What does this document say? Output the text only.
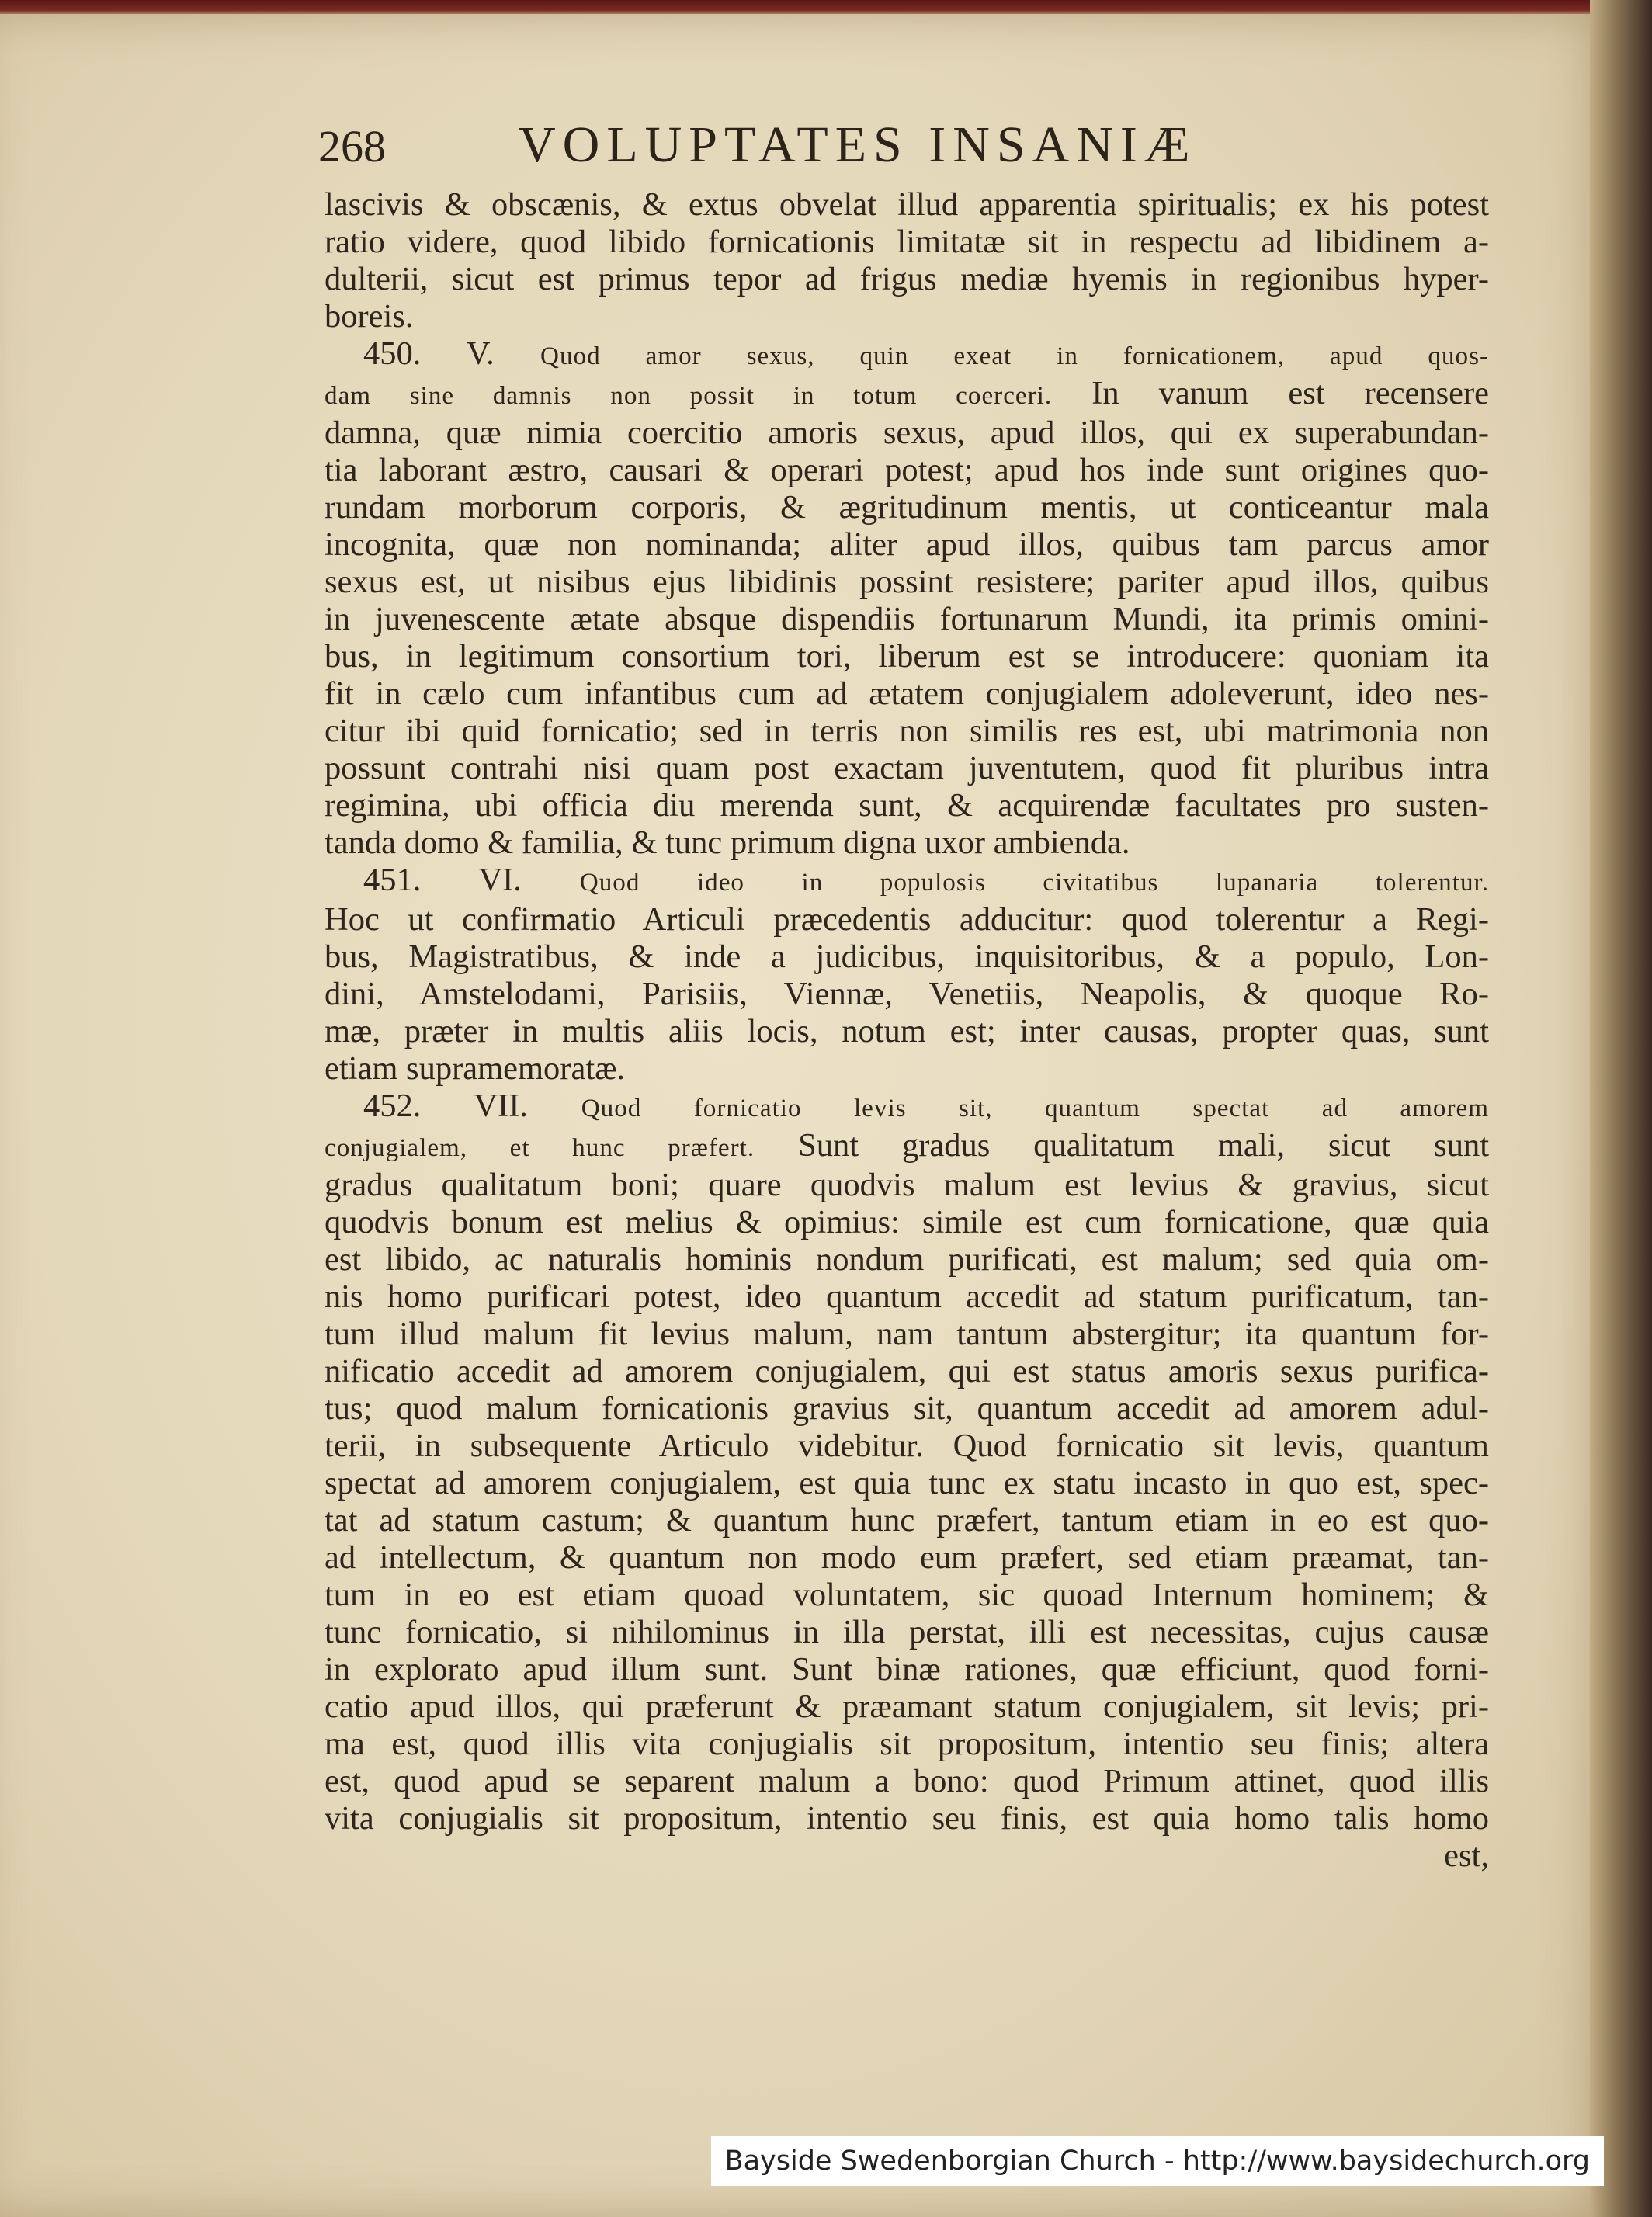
268	VOLUPTATES INSANIÆ
lascivis & obscænis, & extus obvelat illud apparentia spiritualis; ex his potest
ratio videre, quod libido fornicationis limitatæ sit in respectu ad libidinem a-
dulterii, sicut est primus tepor ad frigus mediæ hyemis in regionibus hyper-
boreis.
450. V. Quod amor sexus, quin exeat in fornicationem, apud quos-
dam sine damnis non possit in totum coerceri. In vanum est recensere
damna, quæ nimia coercitio amoris sexus, apud illos, qui ex superabundan-
tia laborant æstro, causari & operari potest; apud hos inde sunt origines quo-
rundam morborum corporis, & ægritudinum mentis, ut conticeantur mala
incognita, quæ non nominanda; aliter apud illos, quibus tam parcus amor
sexus est, ut nisibus ejus libidinis possint resistere; pariter apud illos, quibus
in juvenescente ætate absque dispendiis fortunarum Mundi, ita primis omini-
bus, in legitimum consortium tori, liberum est se introducere: quoniam ita
fit in cælo cum infantibus cum ad ætatem conjugialem adoleverunt, ideo nes-
citur ibi quid fornicatio; sed in terris non similis res est, ubi matrimonia non
possunt contrahi nisi quam post exactam juventutem, quod fit pluribus intra
regimina, ubi officia diu merenda sunt, & acquirendæ facultates pro susten-
tanda domo & familia, & tunc primum digna uxor ambienda.
451. VI. Quod ideo in populosis civitatibus lupanaria tolerentur.
Hoc ut confirmatio Articuli præcedentis adducitur: quod tolerentur a Regi-
bus, Magistratibus, & inde a judicibus, inquisitoribus, & a populo, Lon-
dini, Amstelodami, Parisiis, Viennæ, Venetiis, Neapolis, & quoque Ro-
mæ, præter in multis aliis locis, notum est; inter causas, propter quas, sunt
etiam supramemoratæ.
452. VII. Quod fornicatio levis sit, quantum spectat ad amorem
conjugialem, et hunc præfert. Sunt gradus qualitatum mali, sicut sunt
gradus qualitatum boni; quare quodvis malum est levius & gravius, sicut
quodvis bonum est melius & opimius: simile est cum fornicatione, quæ quia
est libido, ac naturalis hominis nondum purificati, est malum; sed quia om-
nis homo purificari potest, ideo quantum accedit ad statum purificatum, tan-
tum illud malum fit levius malum, nam tantum abstergitur; ita quantum for-
nificatio accedit ad amorem conjugialem, qui est status amoris sexus purifica-
tus; quod malum fornicationis gravius sit, quantum accedit ad amorem adul-
terii, in subsequente Articulo videbitur. Quod fornicatio sit levis, quantum
spectat ad amorem conjugialem, est quia tunc ex statu incasto in quo est, spec-
tat ad statum castum; & quantum hunc præfert, tantum etiam in eo est quo-
ad intellectum, & quantum non modo eum præfert, sed etiam præamat, tan-
tum in eo est etiam quoad voluntatem, sic quoad Internum hominem; &
tunc fornicatio, si nihilominus in illa perstat, illi est necessitas, cujus causæ
in explorato apud illum sunt. Sunt binæ rationes, quæ efficiunt, quod forni-
catio apud illos, qui præferunt & præamant statum conjugialem, sit levis; pri-
ma est, quod illis vita conjugialis sit propositum, intentio seu finis; altera
est, quod apud se separent malum a bono: quod Primum attinet, quod illis
vita conjugialis sit propositum, intentio seu finis, est quia homo talis homo
est,
Bayside Swedenborgian Church - http://www.baysidechurch.org
